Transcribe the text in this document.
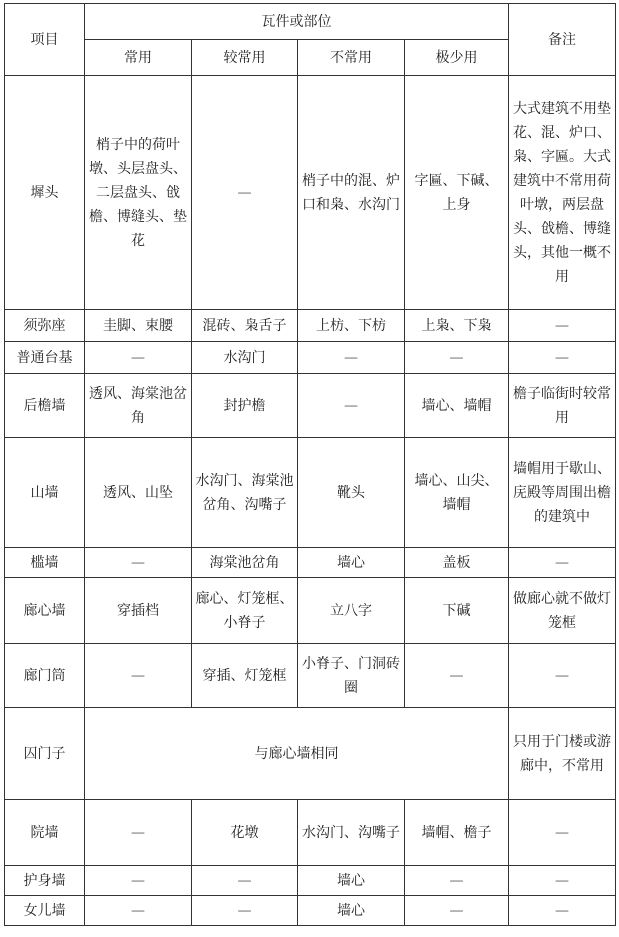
项目	瓦件或部位				备注
	常用	较常用	不常用	极少用	
墀头	梢子中的荷叶墩、头层盘头、二层盘头、戗檐、博缝头、垫花	—	梢子中的混、炉口和枭、水沟门	字匾、下碱、上身	大式建筑不用垫花、混、炉口、枭、字匾。大式建筑中不常用荷叶墩，两层盘头、戗檐、博缝头，其他一概不用
须弥座	圭脚、束腰	混砖、枭舌子	上枋、下枋	上枭、下枭	—
普通台基	—	水沟门	—	—	—
后檐墙	透风、海棠池岔角	封护檐	—	墙心、墙帽	檐子临街时较常用
山墙	透风、山坠	水沟门、海棠池岔角、沟嘴子	靴头	墙心、山尖、墙帽	墙帽用于歇山、庑殿等周围出檐的建筑中
槛墙	—	海棠池岔角	墙心	盖板	—
廊心墙	穿插档	廊心、灯笼框、小脊子	立八字	下碱	做廊心就不做灯笼框
廊门筒	—	穿插、灯笼框	小脊子、门洞砖圈	—	—
囚门子	与廊心墙相同				只用于门楼或游廊中，不常用
院墙	—	花墩	水沟门、沟嘴子	墙帽、檐子	—
护身墙	—	—	墙心	—	—
女儿墙	—	—	墙心	—	—
